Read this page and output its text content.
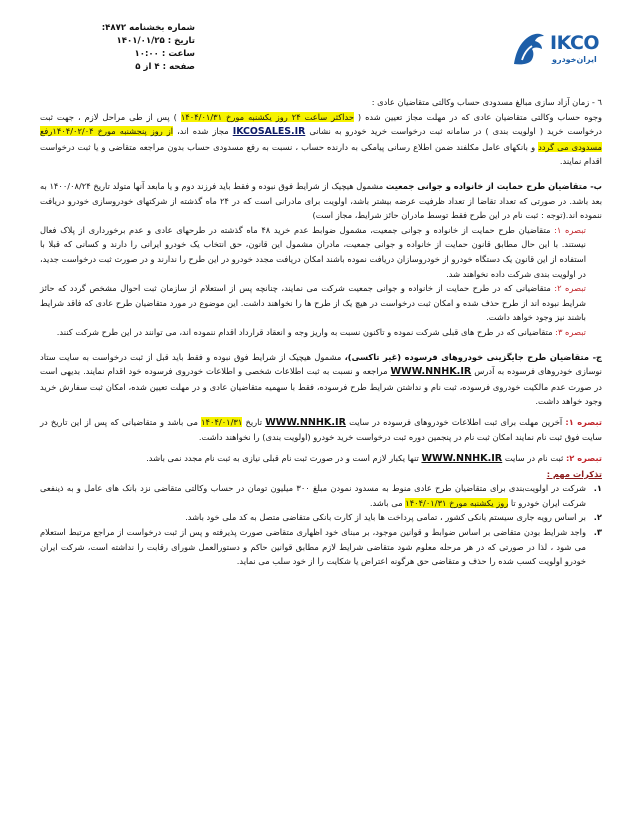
شماره بخشنامه ۴۸۷۲:
تاریخ : ۱۴۰۱/۰۱/۲۵
ساعت : ۱۰:۰۰
صفحه : ۴ از ۵
IKCO
ایران‌خودرو

٦ - زمان آزاد سازی مبالغ مسدودی حساب وکالتی متقاضیان عادی :

وجوه حساب وکالتی متقاضیان عادی که در مهلت مجاز تعیین شده ( حداکثر ساعت ۲۴ روز یکشنبه مورخ ۱۴۰۴/۰۱/۳۱ ) پس از طی مراحل لازم ، جهت ثبت درخواست خرید ( اولویت بندی ) در سامانه ثبت درخواست خرید خودرو به نشانی IKCOSALES.IR مجاز شده اند، از روز پنجشنبه مورخ ۱۴۰۴/۰۲/۰۴رفع مسدودی می گردد و بانکهای عامل مکلفند ضمن اطلاع رسانی پیامکی به دارنده حساب ، نسبت به رفع مسدودی حساب بدون مراجعه متقاضی و یا ثبت درخواست اقدام نمایند.

ب- متقاضیان طرح حمایت از خانواده و جوانی جمعیت مشمول هیچیک از شرایط فوق نبوده و فقط باید فرزند دوم و یا مابعد آنها متولد تاریخ ۱۴۰۰/۰۸/۲۴ به بعد باشد. در صورتی که تعداد تقاضا از تعداد ظرفیت عرضه بیشتر باشد، اولویت برای مادرانی است که در ۲۴ ماه گذشته از شرکتهای خودروسازی خودرو دریافت ننموده اند.(توجه : ثبت نام در این طرح فقط توسط مادران حائز شرایط، مجاز است)

تبصره ۱: متقاضیان طرح حمایت از خانواده و جوانی جمعیت، مشمول ضوابط عدم خرید ۴۸ ماه گذشته در طرحهای عادی و عدم برخورداری از پلاک فعال نیستند. با این حال مطابق قانون حمایت از خانواده و جوانی جمعیت، مادران مشمول این قانون، حق انتخاب یک خودرو ایرانی را دارند و کسانی که قبلا با استفاده از این قانون یک دستگاه خودرو از خودروسازان دریافت نموده باشند امکان دریافت مجدد خودرو در این طرح را ندارند و در صورت ثبت درخواست جدید، در اولویت بندی شرکت داده نخواهند شد.

تبصره ۲: متقاضیانی که در طرح حمایت از خانواده و جوانی جمعیت شرکت می نمایند، چنانچه پس از استعلام از سازمان ثبت احوال مشخص گردد که حائز شرایط نبوده اند از طرح حذف شده و امکان ثبت درخواست در هیچ یک از طرح ها را نخواهند داشت. این موضوع در مورد متقاضیان طرح عادی که فاقد شرایط باشند نیز وجود خواهد داشت.

تبصره ۳: متقاضیانی که در طرح های قبلی شرکت نموده و تاکنون نسبت به واریز وجه و انعقاد قرارداد اقدام ننموده اند، می توانند در این طرح شرکت کنند.

ج- متقاضیان طرح جایگزینی خودروهای فرسوده (غیر تاکسی)، مشمول هیچیک از شرایط فوق نبوده و فقط باید قبل از ثبت درخواست به سایت ستاد نوسازی خودروهای فرسوده به آدرس WWW.NNHK.IR مراجعه و نسبت به ثبت اطلاعات شخصی و اطلاعات خودروی فرسوده خود اقدام نمایند. بدیهی است در صورت عدم مالکیت خودروی فرسوده، ثبت نام و نداشتن شرایط طرح فرسوده، فقط با سهمیه متقاضیان عادی و در مهلت تعیین شده، امکان ثبت سفارش خرید وجود خواهد داشت.

تبصره ۱: آخرین مهلت برای ثبت اطلاعات خودروهای فرسوده در سایت WWW.NNHK.IR تاریخ ۱۴۰۴/۰۱/۳۱ می باشد و متقاضیانی که پس از این تاریخ در سایت فوق ثبت نام نمایند امکان ثبت نام در پنجمین دوره ثبت درخواست خرید خودرو (اولویت بندی) را نخواهند داشت.

تبصره ۲: ثبت نام در سایت WWW.NNHK.IR تنها یکبار لازم است و در صورت ثبت نام قبلی نیازی به ثبت نام مجدد نمی باشد.

تذکرات مهم :

۱.
شرکت در اولویت‌بندی برای متقاضیان طرح عادی منوط به مسدود نمودن مبلغ ۳۰۰ میلیون تومان در حساب وکالتی متقاضی نزد بانک های عامل و به ذینفعی شرکت ایران خودرو تا روز یکشنبه مورخ ۱۴۰۴/۰۱/۳۱ می باشد.
۲.
بر اساس رویه جاری سیستم بانکی کشور ، تمامی پرداخت ها باید از کارت بانکی متقاضی متصل به کد ملی خود باشد.
۳.
واجد شرایط بودن متقاضی بر اساس ضوابط و قوانین موجود، بر مبنای خود اظهاری متقاضی صورت پذیرفته و پس از ثبت درخواست از مراجع مرتبط استعلام می شود ، لذا در صورتی که در هر مرحله معلوم شود متقاضی شرایط لازم مطابق قوانین حاکم و دستورالعمل شورای رقابت را نداشته است، شرکت ایران خودرو اولویت کسب شده را حذف و متقاضی حق هرگونه اعتراض یا شکایت را از خود سلب می نماید.
